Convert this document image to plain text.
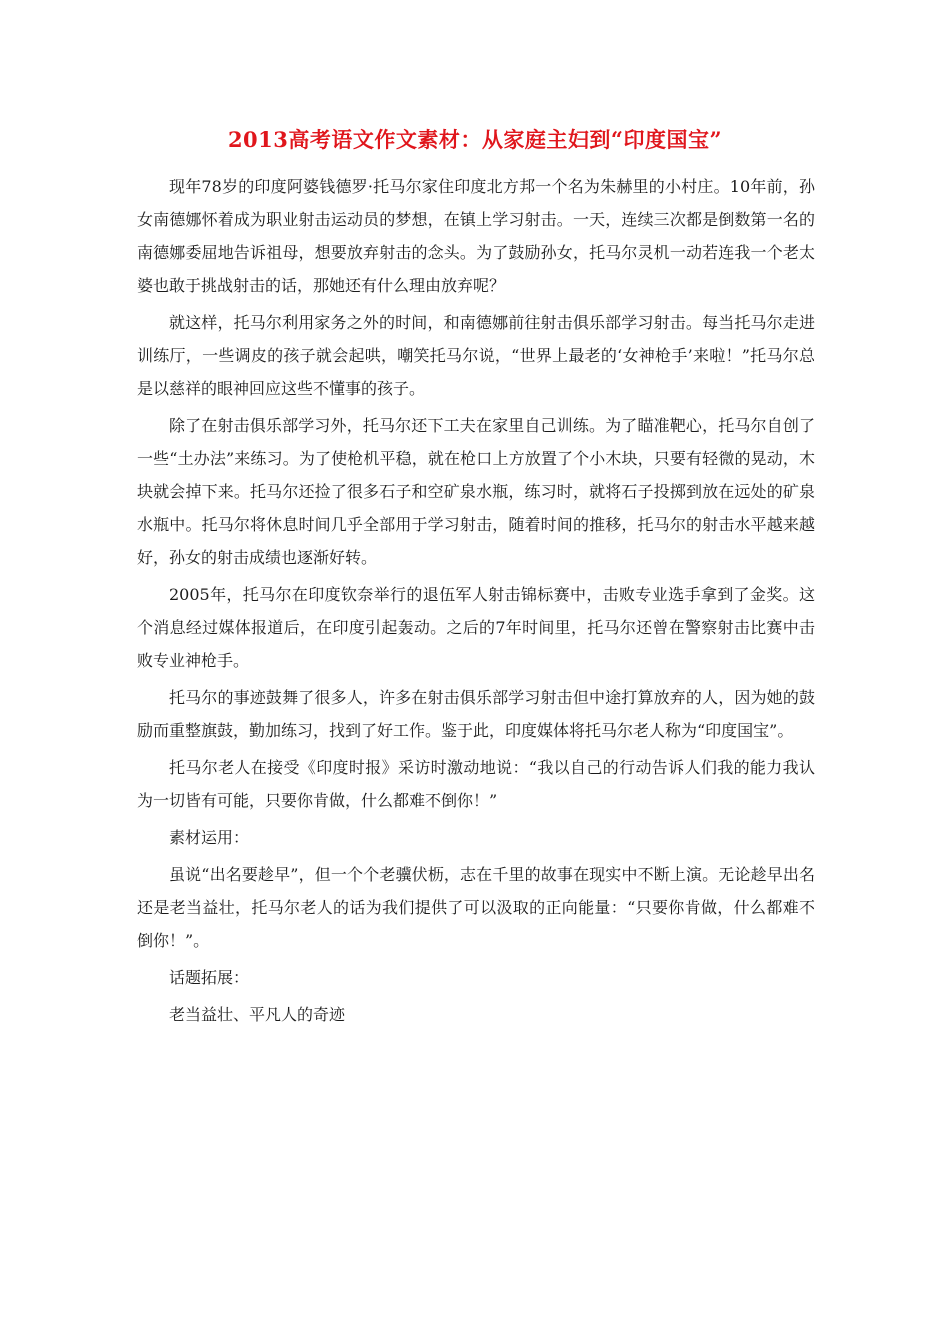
2013高考语文作文素材：从家庭主妇到“印度国宝”

现年78岁的印度阿婆钱德罗·托马尔家住印度北方邦一个名为朱赫里的小村庄。10年前，孙女南德娜怀着成为职业射击运动员的梦想，在镇上学习射击。一天，连续三次都是倒数第一名的南德娜委屈地告诉祖母，想要放弃射击的念头。为了鼓励孙女，托马尔灵机一动若连我一个老太婆也敢于挑战射击的话，那她还有什么理由放弃呢？

就这样，托马尔利用家务之外的时间，和南德娜前往射击俱乐部学习射击。每当托马尔走进训练厅，一些调皮的孩子就会起哄，嘲笑托马尔说，“世界上最老的‘女神枪手’来啦！”托马尔总是以慈祥的眼神回应这些不懂事的孩子。

除了在射击俱乐部学习外，托马尔还下工夫在家里自己训练。为了瞄准靶心，托马尔自创了一些“土办法”来练习。为了使枪机平稳，就在枪口上方放置了个小木块，只要有轻微的晃动，木块就会掉下来。托马尔还捡了很多石子和空矿泉水瓶，练习时，就将石子投掷到放在远处的矿泉水瓶中。托马尔将休息时间几乎全部用于学习射击，随着时间的推移，托马尔的射击水平越来越好，孙女的射击成绩也逐渐好转。

2005年，托马尔在印度钦奈举行的退伍军人射击锦标赛中，击败专业选手拿到了金奖。这个消息经过媒体报道后，在印度引起轰动。之后的7年时间里，托马尔还曾在警察射击比赛中击败专业神枪手。

托马尔的事迹鼓舞了很多人，许多在射击俱乐部学习射击但中途打算放弃的人，因为她的鼓励而重整旗鼓，勤加练习，找到了好工作。鉴于此，印度媒体将托马尔老人称为“印度国宝”。

托马尔老人在接受《印度时报》采访时激动地说：“我以自己的行动告诉人们我的能力我认为一切皆有可能，只要你肯做，什么都难不倒你！”

素材运用：

虽说“出名要趁早”，但一个个老骥伏枥，志在千里的故事在现实中不断上演。无论趁早出名还是老当益壮，托马尔老人的话为我们提供了可以汲取的正向能量：“只要你肯做，什么都难不倒你！”。

话题拓展：

老当益壮、平凡人的奇迹
